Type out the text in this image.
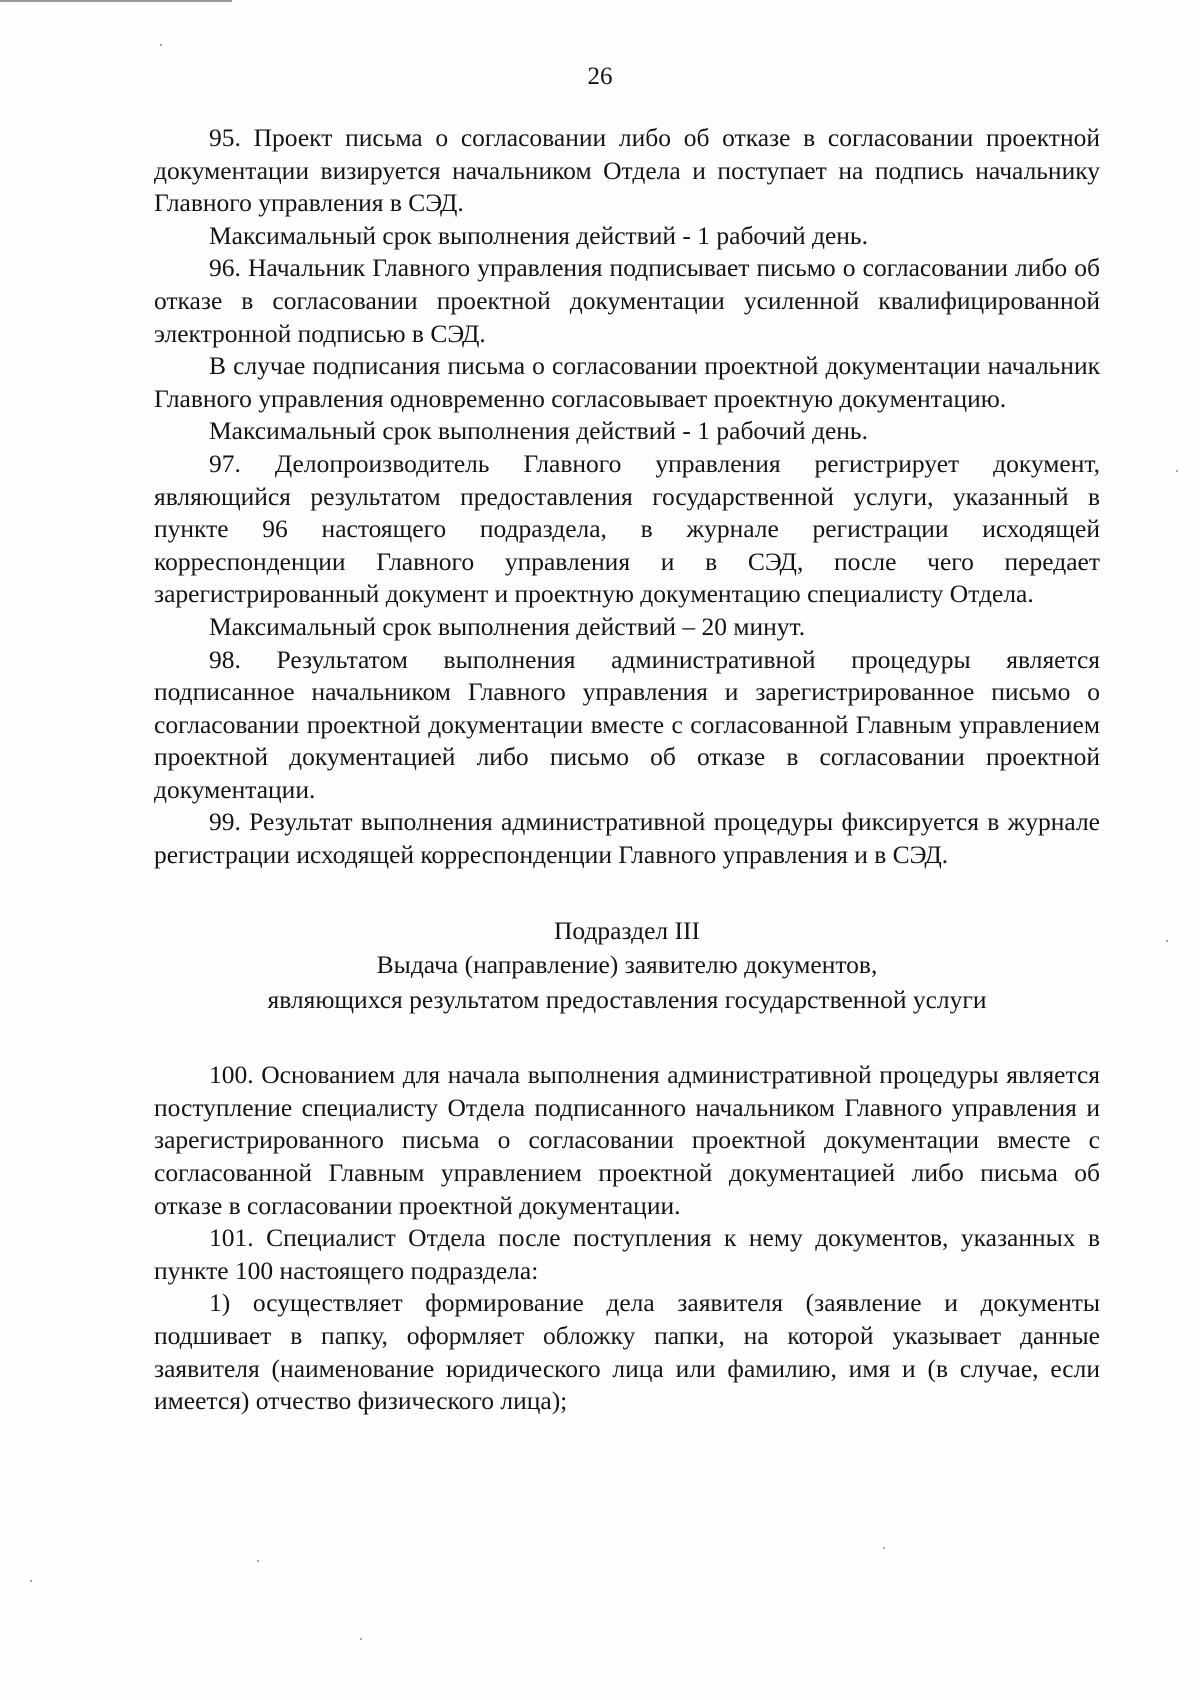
26

95. Проект письма о согласовании либо об отказе в согласовании проектной документации визируется начальником Отдела и поступает на подпись начальнику Главного управления в СЭД.

Максимальный срок выполнения действий - 1 рабочий день.

96. Начальник Главного управления подписывает письмо о согласовании либо об отказе в согласовании проектной документации усиленной квалифицированной электронной подписью в СЭД.

В случае подписания письма о согласовании проектной документации начальник Главного управления одновременно согласовывает проектную документацию.

Максимальный срок выполнения действий - 1 рабочий день.

97. Делопроизводитель Главного управления регистрирует документ, являющийся результатом предоставления государственной услуги, указанный в пункте 96 настоящего подраздела, в журнале регистрации исходящей корреспонденции Главного управления и в СЭД, после чего передает зарегистрированный документ и проектную документацию специалисту Отдела.

Максимальный срок выполнения действий – 20 минут.

98. Результатом выполнения административной процедуры является подписанное начальником Главного управления и зарегистрированное письмо о согласовании проектной документации вместе с согласованной Главным управлением проектной документацией либо письмо об отказе в согласовании проектной документации.

99. Результат выполнения административной процедуры фиксируется в журнале регистрации исходящей корреспонденции Главного управления и в СЭД.

Подраздел III
Выдача (направление) заявителю документов,
являющихся результатом предоставления государственной услуги

100. Основанием для начала выполнения административной процедуры является поступление специалисту Отдела подписанного начальником Главного управления и зарегистрированного письма о согласовании проектной документации вместе с согласованной Главным управлением проектной документацией либо письма об отказе в согласовании проектной документации.

101. Специалист Отдела после поступления к нему документов, указанных в пункте 100 настоящего подраздела:

1) осуществляет формирование дела заявителя (заявление и документы подшивает в папку, оформляет обложку папки, на которой указывает данные заявителя (наименование юридического лица или фамилию, имя и (в случае, если имеется) отчество физического лица);
